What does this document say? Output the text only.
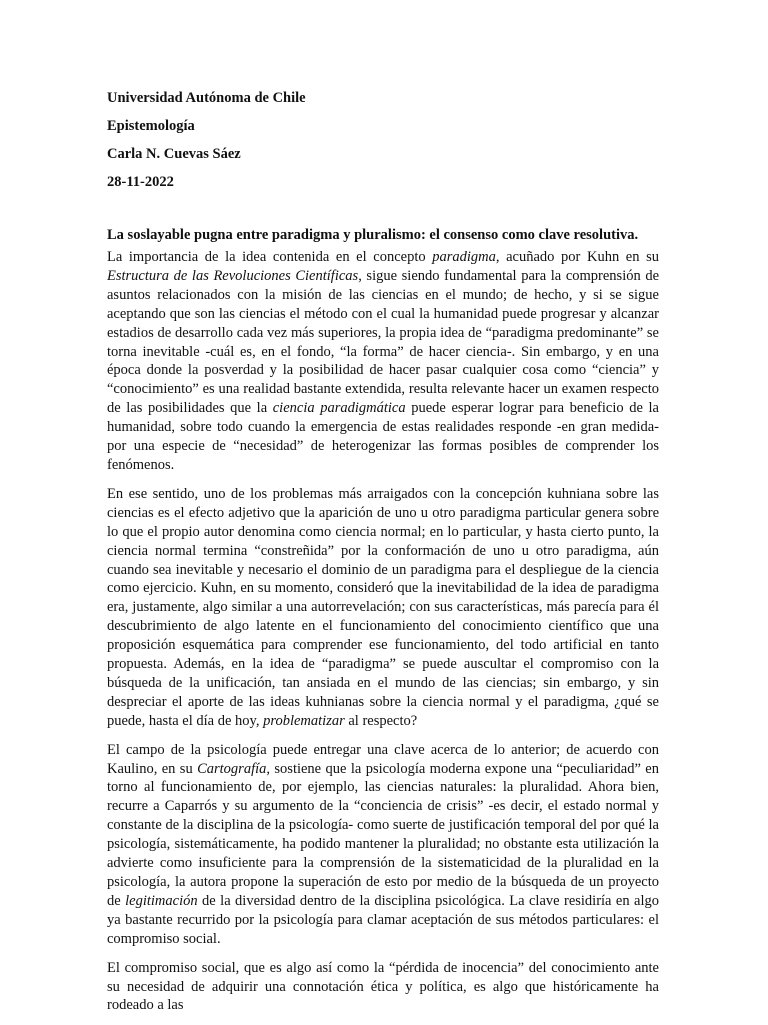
Universidad Autónoma de Chile
Epistemología
Carla N. Cuevas Sáez
28-11-2022
La soslayable pugna entre paradigma y pluralismo: el consenso como clave resolutiva.

La importancia de la idea contenida en el concepto paradigma, acuñado por Kuhn en su Estructura de las Revoluciones Científicas, sigue siendo fundamental para la comprensión de asuntos relacionados con la misión de las ciencias en el mundo; de hecho, y si se sigue aceptando que son las ciencias el método con el cual la humanidad puede progresar y alcanzar estadios de desarrollo cada vez más superiores, la propia idea de “paradigma predominante” se torna inevitable -cuál es, en el fondo, “la forma” de hacer ciencia-. Sin embargo, y en una época donde la posverdad y la posibilidad de hacer pasar cualquier cosa como “ciencia” y “conocimiento” es una realidad bastante extendida, resulta relevante hacer un examen respecto de las posibilidades que la ciencia paradigmática puede esperar lograr para beneficio de la humanidad, sobre todo cuando la emergencia de estas realidades responde -en gran medida- por una especie de “necesidad” de heterogenizar las formas posibles de comprender los fenómenos.

En ese sentido, uno de los problemas más arraigados con la concepción kuhniana sobre las ciencias es el efecto adjetivo que la aparición de uno u otro paradigma particular genera sobre lo que el propio autor denomina como ciencia normal; en lo particular, y hasta cierto punto, la ciencia normal termina “constreñida” por la conformación de uno u otro paradigma, aún cuando sea inevitable y necesario el dominio de un paradigma para el despliegue de la ciencia como ejercicio. Kuhn, en su momento, consideró que la inevitabilidad de la idea de paradigma era, justamente, algo similar a una autorrevelación; con sus características, más parecía para él descubrimiento de algo latente en el funcionamiento del conocimiento científico que una proposición esquemática para comprender ese funcionamiento, del todo artificial en tanto propuesta. Además, en la idea de “paradigma” se puede auscultar el compromiso con la búsqueda de la unificación, tan ansiada en el mundo de las ciencias; sin embargo, y sin despreciar el aporte de las ideas kuhnianas sobre la ciencia normal y el paradigma, ¿qué se puede, hasta el día de hoy, problematizar al respecto?

El campo de la psicología puede entregar una clave acerca de lo anterior; de acuerdo con Kaulino, en su Cartografía, sostiene que la psicología moderna expone una “peculiaridad” en torno al funcionamiento de, por ejemplo, las ciencias naturales: la pluralidad. Ahora bien, recurre a Caparrós y su argumento de la “conciencia de crisis” -es decir, el estado normal y constante de la disciplina de la psicología- como suerte de justificación temporal del por qué la psicología, sistemáticamente, ha podido mantener la pluralidad; no obstante esta utilización la advierte como insuficiente para la comprensión de la sistematicidad de la pluralidad en la psicología, la autora propone la superación de esto por medio de la búsqueda de un proyecto de legitimación de la diversidad dentro de la disciplina psicológica. La clave residiría en algo ya bastante recurrido por la psicología para clamar aceptación de sus métodos particulares: el compromiso social.

El compromiso social, que es algo así como la “pérdida de inocencia” del conocimiento ante su necesidad de adquirir una connotación ética y política, es algo que históricamente ha rodeado a las
